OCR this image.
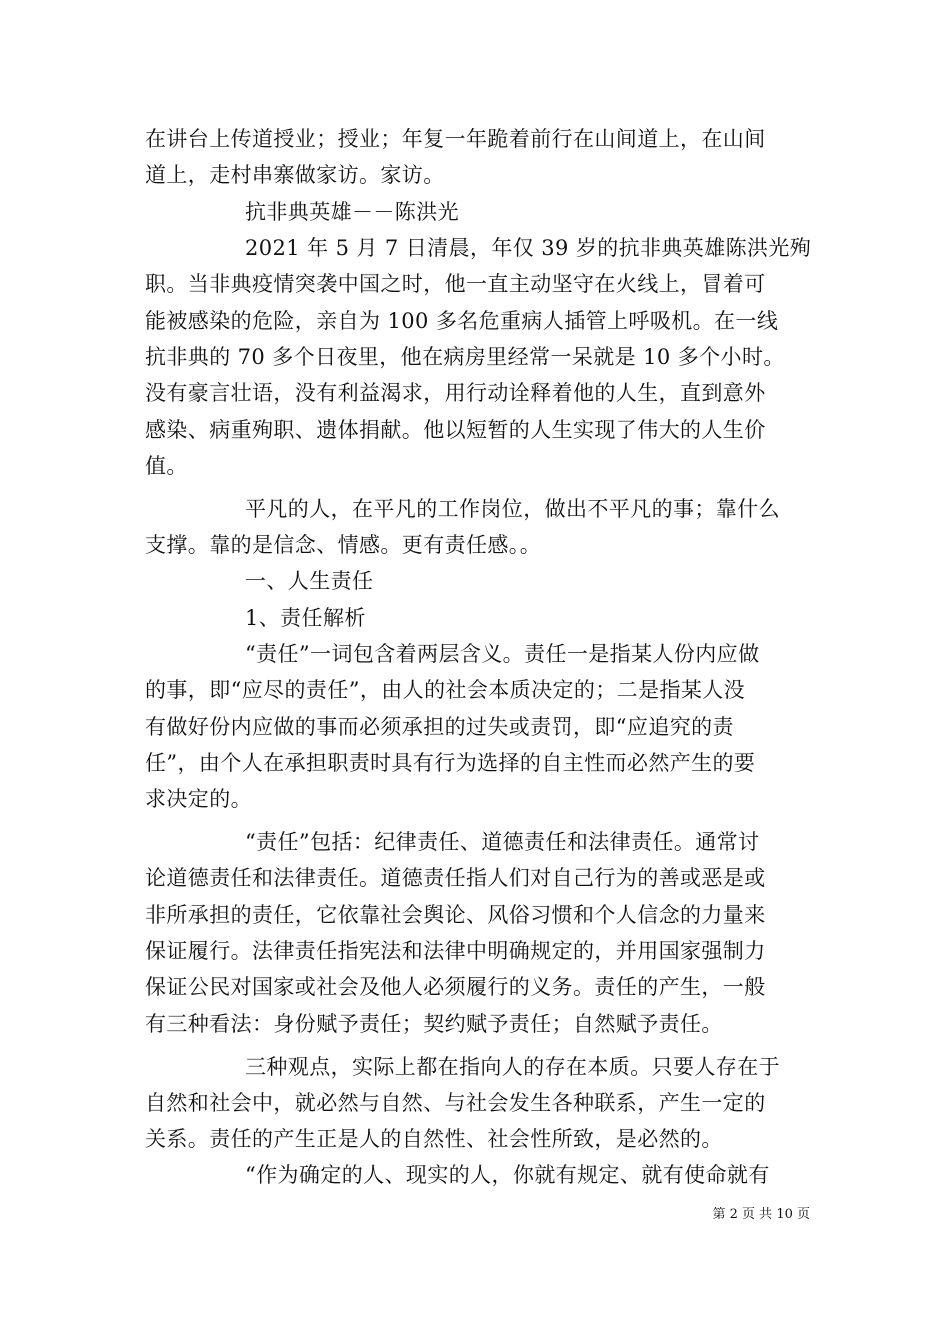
在讲台上传道授业；授业；年复一年跪着前行在山间道上，在山间
道上，走村串寨做家访。家访。
抗非典英雄－－陈洪光
2021 年 5 月 7 日清晨，年仅 39 岁的抗非典英雄陈洪光殉
职。当非典疫情突袭中国之时，他一直主动坚守在火线上，冒着可
能被感染的危险，亲自为 100 多名危重病人插管上呼吸机。在一线
抗非典的 70 多个日夜里，他在病房里经常一呆就是 10 多个小时。
没有豪言壮语，没有利益渴求，用行动诠释着他的人生，直到意外
感染、病重殉职、遗体捐献。他以短暂的人生实现了伟大的人生价
值。
平凡的人，在平凡的工作岗位，做出不平凡的事；靠什么
支撑。靠的是信念、情感。更有责任感。。
一、人生责任
1、责任解析
“责任”一词包含着两层含义。责任一是指某人份内应做
的事，即“应尽的责任”，由人的社会本质决定的；二是指某人没
有做好份内应做的事而必须承担的过失或责罚，即“应追究的责
任”，由个人在承担职责时具有行为选择的自主性而必然产生的要
求决定的。
“责任”包括：纪律责任、道德责任和法律责任。通常讨
论道德责任和法律责任。道德责任指人们对自己行为的善或恶是或
非所承担的责任，它依靠社会舆论、风俗习惯和个人信念的力量来
保证履行。法律责任指宪法和法律中明确规定的，并用国家强制力
保证公民对国家或社会及他人必须履行的义务。责任的产生，一般
有三种看法：身份赋予责任；契约赋予责任；自然赋予责任。
三种观点，实际上都在指向人的存在本质。只要人存在于
自然和社会中，就必然与自然、与社会发生各种联系，产生一定的
关系。责任的产生正是人的自然性、社会性所致，是必然的。
“作为确定的人、现实的人，你就有规定、就有使命就有
第 2 页 共 10 页
